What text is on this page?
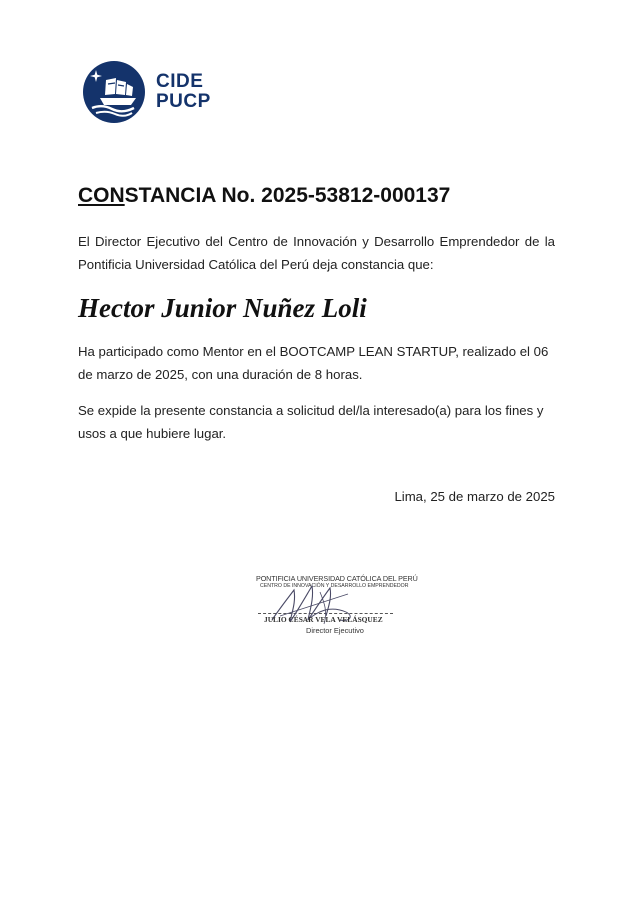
CIDE
PUCP
CONSTANCIA No. 2025-53812-000137
El Director Ejecutivo del Centro de Innovación y Desarrollo Emprendedor de la Pontificia Universidad Católica del Perú deja constancia que:
Hector Junior Nuñez Loli
Ha participado como Mentor en el BOOTCAMP LEAN STARTUP, realizado el 06 de marzo de 2025, con una duración de 8 horas.
Se expide la presente constancia a solicitud del/la interesado(a) para los fines y usos a que hubiere lugar.
Lima, 25 de marzo de 2025
PONTIFICIA UNIVERSIDAD CATÓLICA DEL PERÚ
CENTRO DE INNOVACIÓN Y DESARROLLO EMPRENDEDOR
JULIO CÉSAR VELA VELÁSQUEZ
Director Ejecutivo
